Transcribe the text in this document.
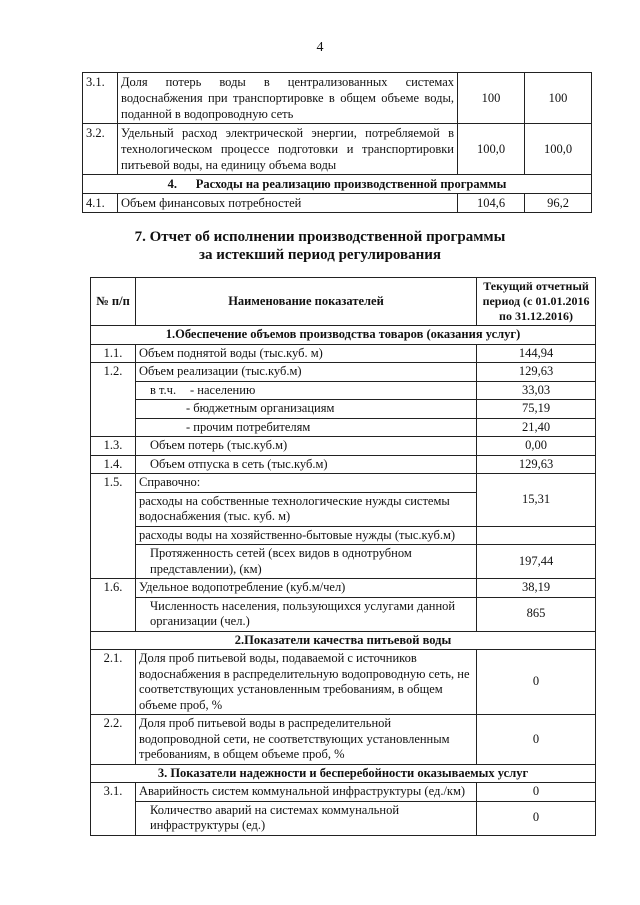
4
3.1.	Доля потерь воды в централизованных системах водоснабжения при транспортировке в общем объеме воды, поданной в водопроводную сеть	100	100
3.2.	Удельный расход электрической энергии, потребляемой в технологическом процессе подготовки и транспортировки питьевой воды, на единицу объема воды	100,0	100,0
4.      Расходы на реализацию производственной программы			
4.1.	Объем финансовых потребностей	104,6	96,2
7. Отчет об исполнении производственной программы
за истекший период регулирования
№ п/п	Наименование показателей	Текущий отчетный период (с 01.01.2016 по 31.12.2016)
1.Обеспечение объемов производства товаров (оказания услуг)		
1.1.	Объем поднятой воды (тыс.куб. м)	144,94
1.2.	Объем реализации (тыс.куб.м)	129,63
	в т.ч. - населению	33,03
	- бюджетным организациям	75,19
	- прочим потребителям	21,40
1.3.	Объем потерь (тыс.куб.м)	0,00
1.4.	Объем отпуска в сеть (тыс.куб.м)	129,63
1.5.	Справочно:	15,31
	расходы на собственные технологические нужды системы водоснабжения (тыс. куб. м)	
	расходы воды на хозяйственно-бытовые нужды (тыс.куб.м)	
	Протяженность сетей (всех видов в однотрубном представлении), (км)	197,44
1.6.	Удельное водопотребление (куб.м/чел)	38,19
	Численность населения, пользующихся услугами данной организации (чел.)	865
2.Показатели качества питьевой воды		
2.1.	Доля проб питьевой воды, подаваемой с источников водоснабжения в распределительную водопроводную сеть, не соответствующих установленным требованиям, в общем объеме проб, %	0
2.2.	Доля проб питьевой воды в распределительной водопроводной сети, не соответствующих установленным требованиям, в общем объеме проб, %	0
3. Показатели надежности и бесперебойности оказываемых услуг		
3.1.	Аварийность систем коммунальной инфраструктуры (ед./км)	0
	Количество аварий на системах коммунальной инфраструктуры (ед.)	0
